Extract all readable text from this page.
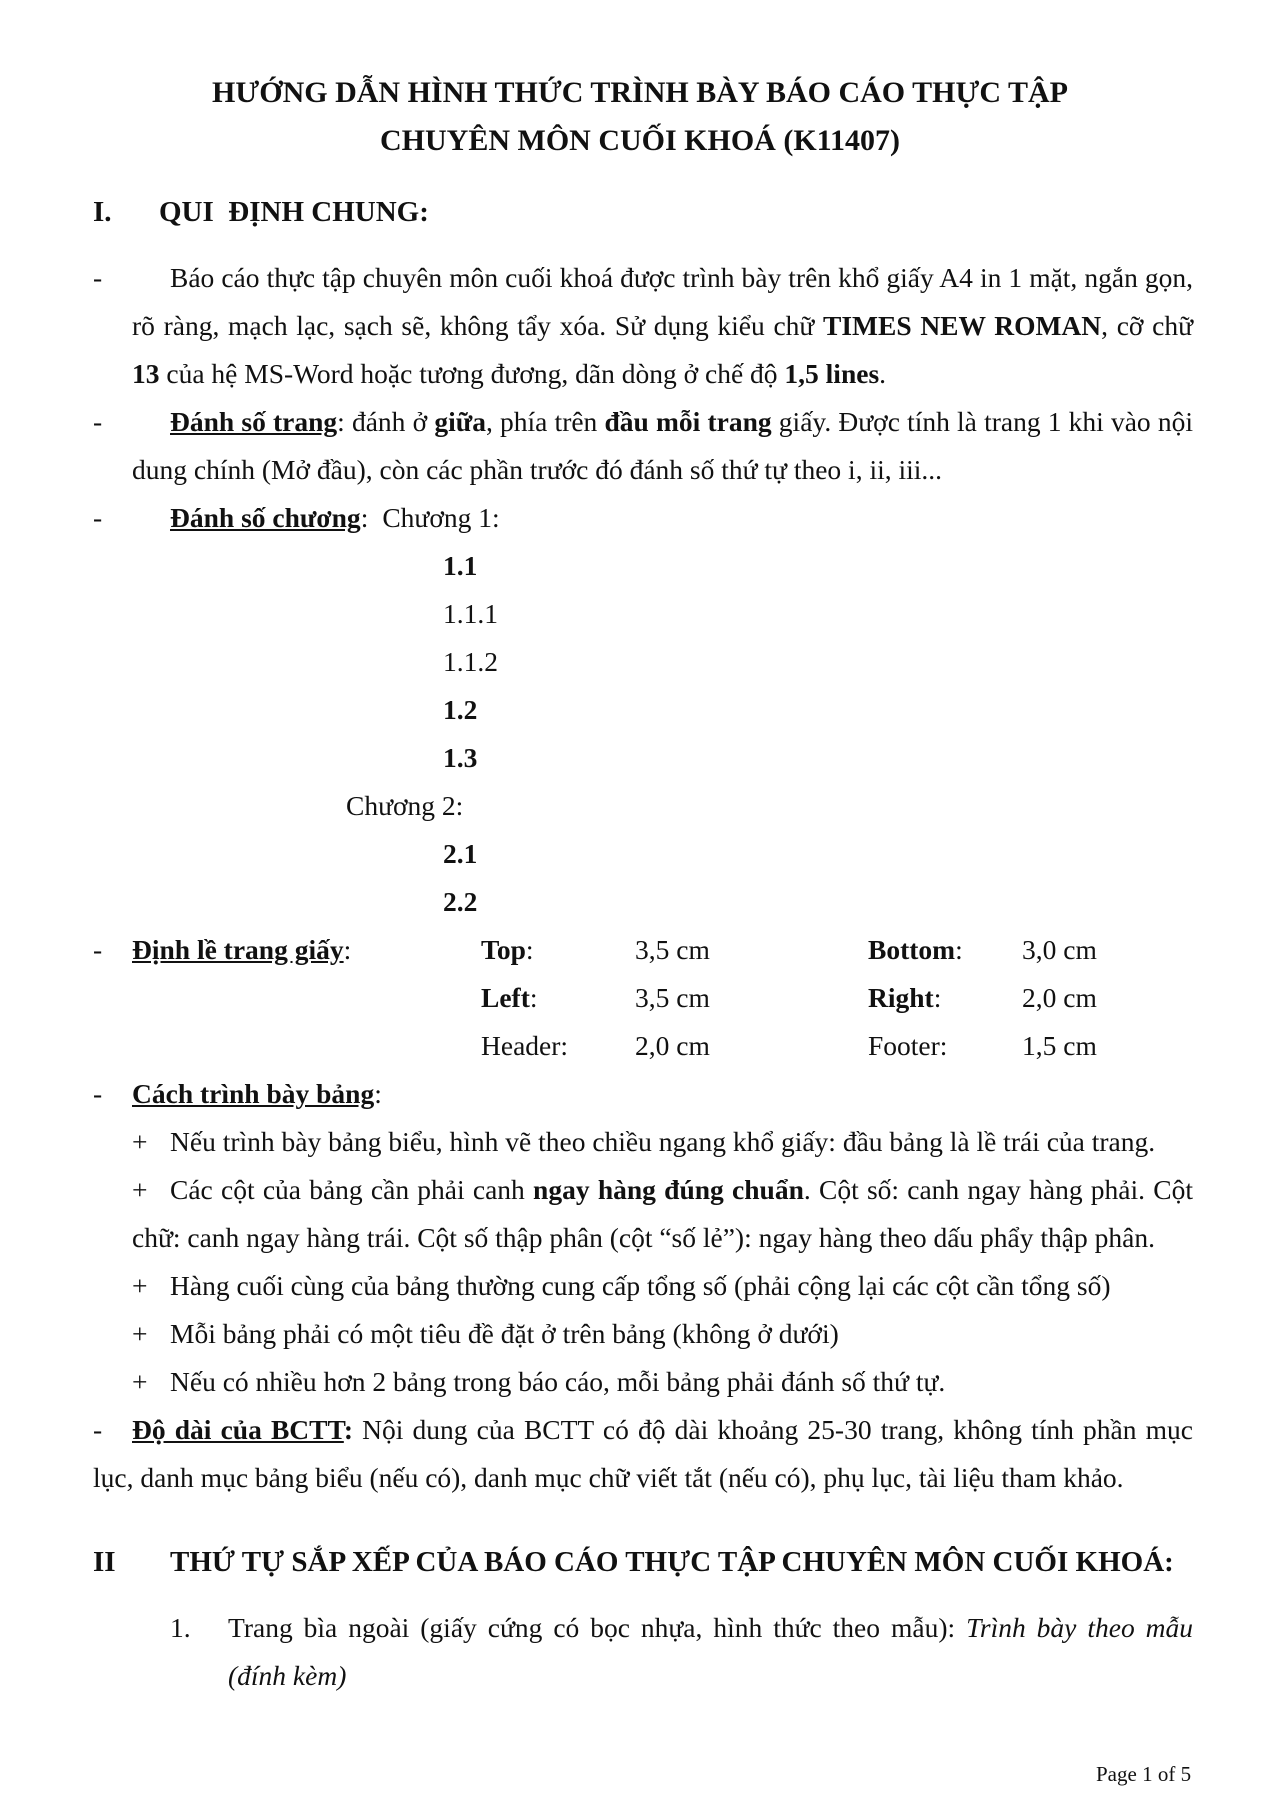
HƯỚNG DẪN HÌNH THỨC TRÌNH BÀY BÁO CÁO THỰC TẬP
CHUYÊN MÔN CUỐI KHOÁ (K11407)
I. QUI  ĐỊNH CHUNG:
-	Báo cáo thực tập chuyên môn cuối khoá được trình bày trên khổ giấy A4 in 1 mặt, ngắn gọn, rõ ràng, mạch lạc, sạch sẽ, không tẩy xóa. Sử dụng kiểu chữ TIMES NEW ROMAN, cỡ chữ 13 của hệ MS-Word hoặc tương đương, dãn dòng ở chế độ 1,5 lines.
-	Đánh số trang: đánh ở giữa, phía trên đầu mỗi trang giấy. Được tính là trang 1 khi vào nội dung chính (Mở đầu), còn các phần trước đó đánh số thứ tự theo i, ii, iii...
- Đánh số chương: Chương 1:
1.1
1.1.1
1.1.2
1.2
1.3
Chương 2:
2.1
2.2
- Định lề trang giấy:	Top:	3,5 cm	Bottom: 3,0 cm
Left:	3,5 cm	Right:	2,0 cm
Header: 2,0 cm	Footer:	1,5 cm
- Cách trình bày bảng:
+ Nếu trình bày bảng biểu, hình vẽ theo chiều ngang khổ giấy: đầu bảng là lề trái của trang.
+ Các cột của bảng cần phải canh ngay hàng đúng chuẩn. Cột số: canh ngay hàng phải. Cột chữ: canh ngay hàng trái. Cột số thập phân (cột “số lẻ”): ngay hàng theo dấu phẩy thập phân.
+ Hàng cuối cùng của bảng thường cung cấp tổng số (phải cộng lại các cột cần tổng số)
+ Mỗi bảng phải có một tiêu đề đặt ở trên bảng (không ở dưới)
+ Nếu có nhiều hơn 2 bảng trong báo cáo, mỗi bảng phải đánh số thứ tự.
- Độ dài của BCTT: Nội dung của BCTT có độ dài khoảng 25-30 trang, không tính phần mục
lục, danh mục bảng biểu (nếu có), danh mục chữ viết tắt (nếu có), phụ lục, tài liệu tham khảo.
II THỨ TỰ SẮP XẾP CỦA BÁO CÁO THỰC TẬP CHUYÊN MÔN CUỐI KHOÁ:
1. Trang bìa ngoài (giấy cứng có bọc nhựa, hình thức theo mẫu): Trình bày theo mẫu (đính kèm)
Page 1 of 5
